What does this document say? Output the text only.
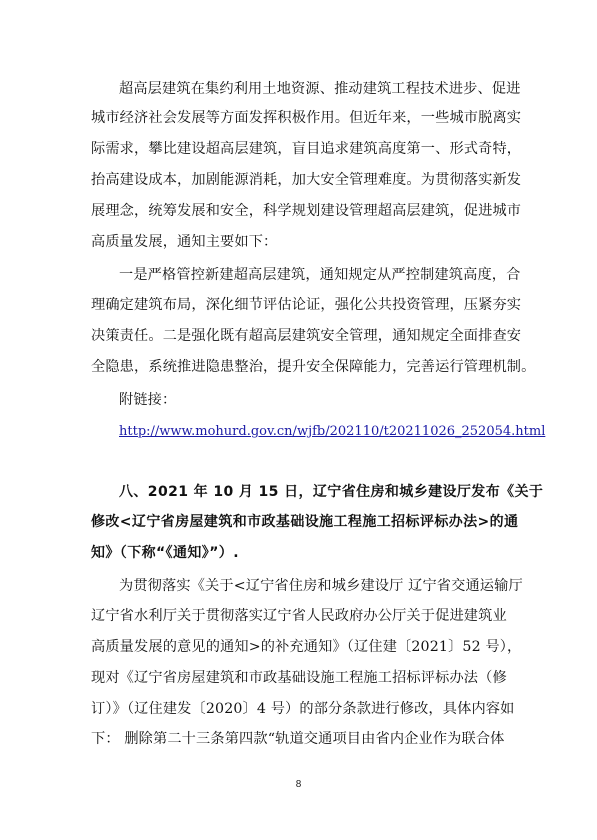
超高层建筑在集约利用土地资源、推动建筑工程技术进步、促进
城市经济社会发展等方面发挥积极作用。但近年来，一些城市脱离实
际需求，攀比建设超高层建筑，盲目追求建筑高度第一、形式奇特，
抬高建设成本，加剧能源消耗，加大安全管理难度。为贯彻落实新发
展理念，统筹发展和安全，科学规划建设管理超高层建筑，促进城市
高质量发展，通知主要如下：
一是严格管控新建超高层建筑，通知规定从严控制建筑高度，合
理确定建筑布局，深化细节评估论证，强化公共投资管理，压紧夯实
决策责任。二是强化既有超高层建筑安全管理，通知规定全面排查安
全隐患，系统推进隐患整治，提升安全保障能力，完善运行管理机制。
附链接：
http://www.mohurd.gov.cn/wjfb/202110/t20211026_252054.html
八、2021 年 10 月 15 日，辽宁省住房和城乡建设厅发布《关于
修改<辽宁省房屋建筑和市政基础设施工程施工招标评标办法>的通
知》（下称“《通知》”）.
为贯彻落实《关于<辽宁省住房和城乡建设厅 辽宁省交通运输厅
辽宁省水利厅关于贯彻落实辽宁省人民政府办公厅关于促进建筑业
高质量发展的意见的通知>的补充通知》（辽住建〔2021〕52 号），
现对《辽宁省房屋建筑和市政基础设施工程施工招标评标办法（修
订）》（辽住建发〔2020〕4 号）的部分条款进行修改，具体内容如
下： 删除第二十三条第四款“轨道交通项目由省内企业作为联合体
8
